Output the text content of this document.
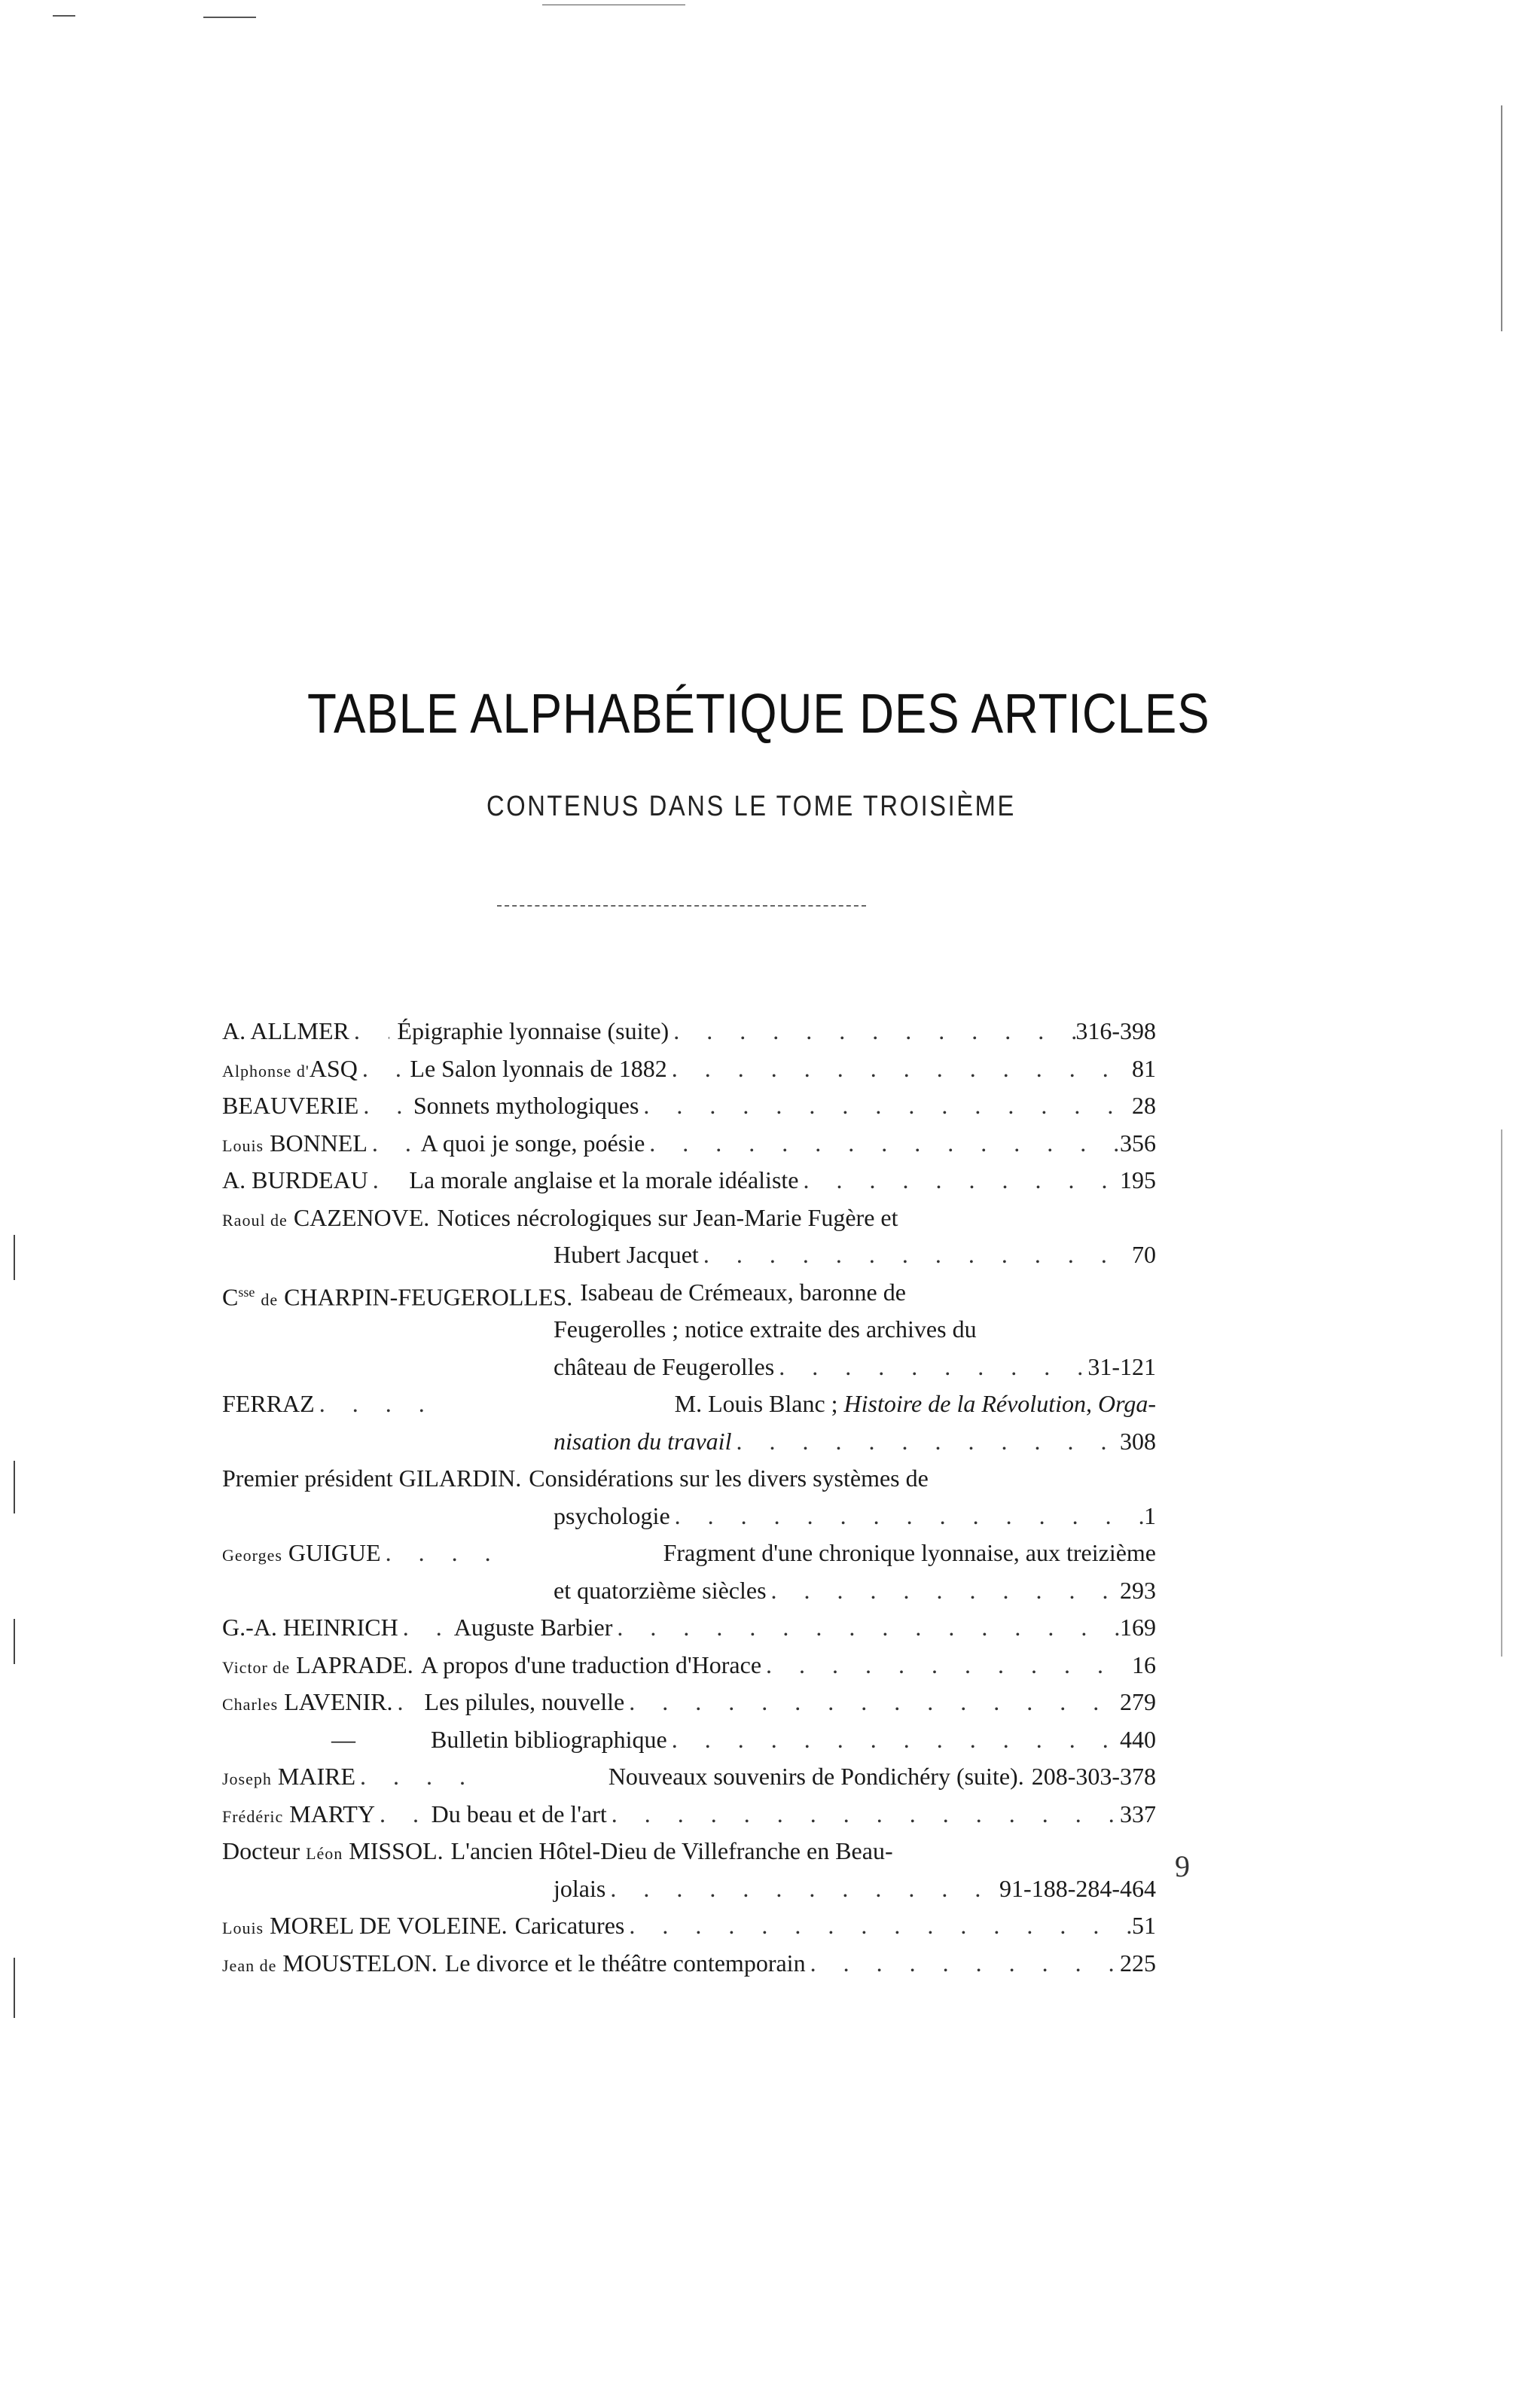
TABLE ALPHABÉTIQUE DES ARTICLES
CONTENUS DANS LE TOME TROISIÈME
A. ALLMER . . . .	Épigraphie lyonnaise (suite) . . .	316-398
Alphonse d'ASQ . . . .	Le Salon lyonnais de 1882 . . .	81
BEAUVERIE . . . .	Sonnets mythologiques . . .	28
Louis BONNEL . . . .	A quoi je songe, poésie . . .	356
A. BURDEAU . . . .	La morale anglaise et la morale idéaliste . . .	195
Raoul de CAZENOVE. Notices nécrologiques sur Jean-Marie Fugère et
Hubert Jacquet . . .	70
$C^{sse}$ de CHARPIN-FEUGEROLLES. Isabeau de Crémeaux, baronne de
Feugerolles ; notice extraite des archives du
château de Feugerolles . . .	31-121
FERRAZ . . . .	M. Louis Blanc ; Histoire de la Révolution, Orga-
nisation du travail . . .	308
Premier président GILARDIN. Considérations sur les divers systèmes de
psychologie . . .	1
Georges GUIGUE . . . .	Fragment d'une chronique lyonnaise, aux treizième
et quatorzième siècles . . .	293
G.-A. HEINRICH . . . .	Auguste Barbier . . .	169
Victor de LAPRADE. A propos d'une traduction d'Horace . . .	16
Charles LAVENIR. . . . .	Les pilules, nouvelle . . .	279
—	Bulletin bibliographique . . .	440
Joseph MAIRE . . . .	Nouveaux souvenirs de Pondichéry (suite). 208-303-378
Frédéric MARTY . . . .	Du beau et de l'art . . .	337
Docteur Léon MISSOL. L'ancien Hôtel-Dieu de Villefranche en Beau-
jolais . . .	91-188-284-464
Louis MOREL DE VOLEINE. Caricatures . . .	51
Jean de MOUSTELON. Le divorce et le théâtre contemporain . . .	225
9
